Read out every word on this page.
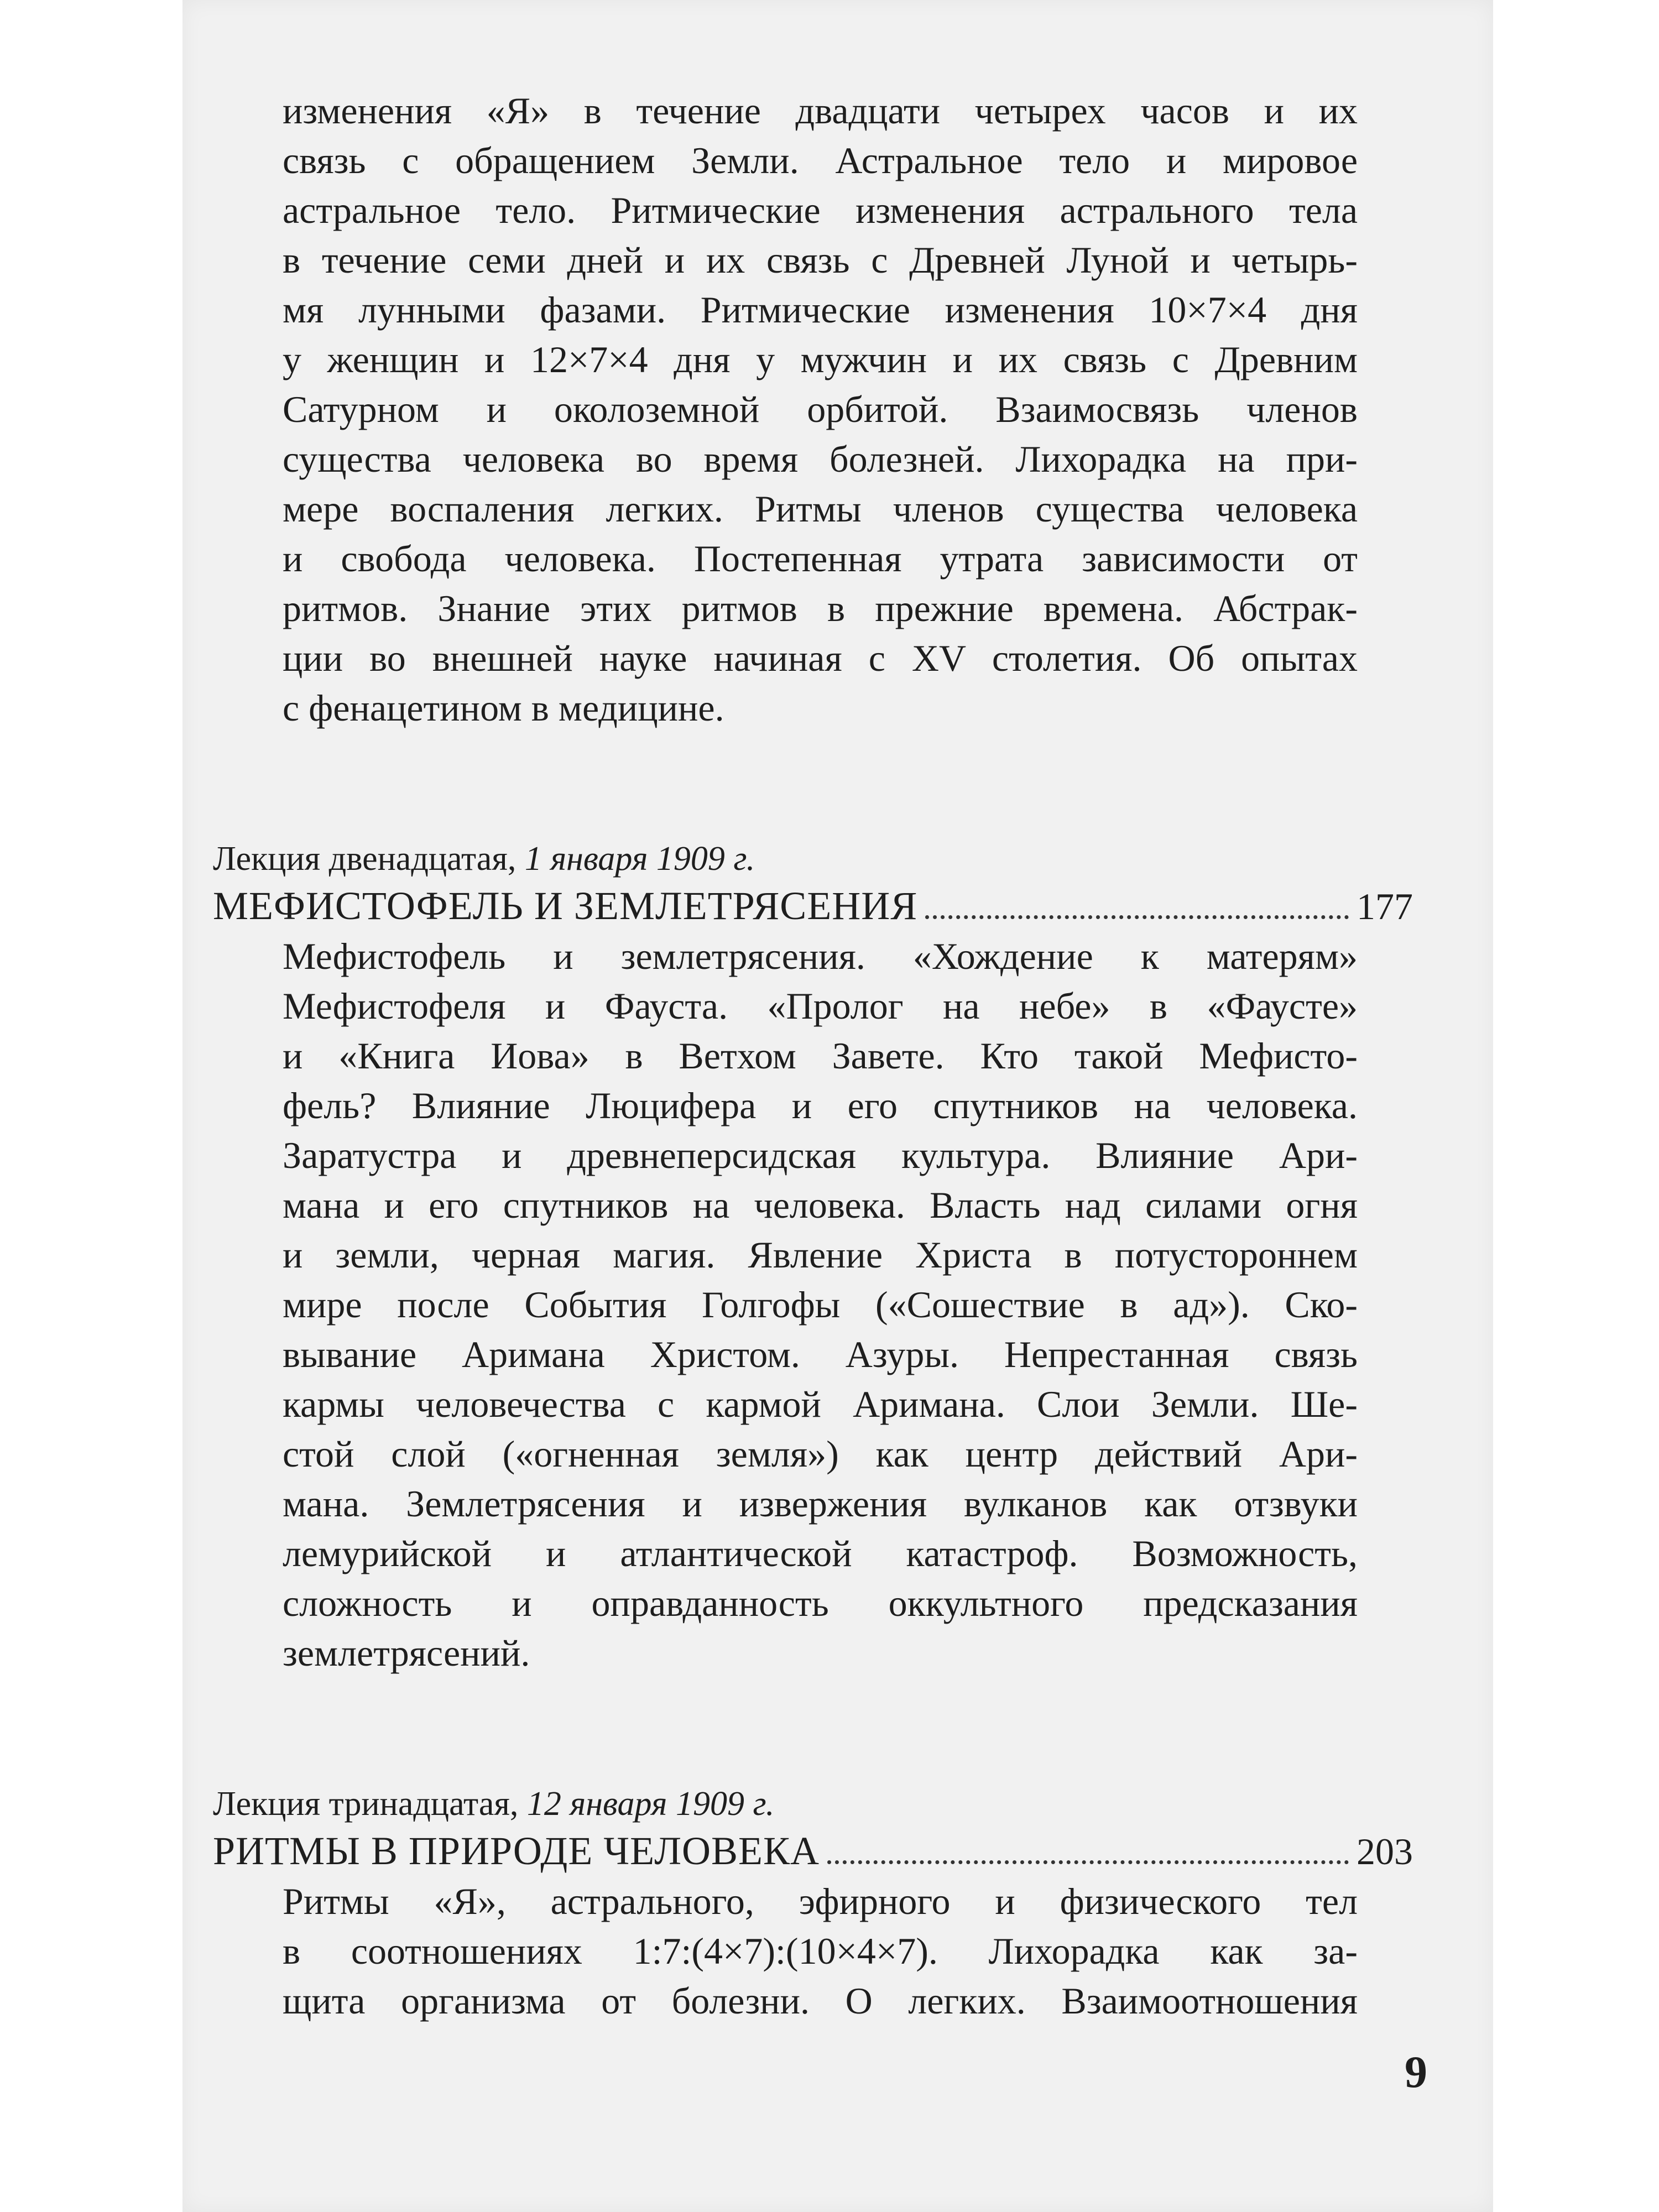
изменения «Я» в течение двадцати четырех часов и их

связь с обращением Земли. Астральное тело и мировое

астральное тело. Ритмические изменения астрального тела

в течение семи дней и их связь с Древней Луной и четырь-

мя лунными фазами. Ритмические изменения 10×7×4 дня

у женщин и 12×7×4 дня у мужчин и их связь с Древним

Сатурном и околоземной орбитой. Взаимосвязь членов

существа человека во время болезней. Лихорадка на при-

мере воспаления легких. Ритмы членов существа человека

и свобода человека. Постепенная утрата зависимости от

ритмов. Знание этих ритмов в прежние времена. Абстрак-

ции во внешней науке начиная с XV столетия. Об опытах

с фенацетином в медицине.

Лекция двенадцатая, 1 января 1909 г.
МЕФИСТОФЕЛЬ И ЗЕМЛЕТРЯСЕНИЯ	177

Мефистофель и землетрясения. «Хождение к матерям»

Мефистофеля и Фауста. «Пролог на небе» в «Фаусте»

и «Книга Иова» в Ветхом Завете. Кто такой Мефисто-

фель? Влияние Люцифера и его спутников на человека.

Заратустра и древнеперсидская культура. Влияние Ари-

мана и его спутников на человека. Власть над силами огня

и земли, черная магия. Явление Христа в потустороннем

мире после События Голгофы («Сошествие в ад»). Ско-

вывание Аримана Христом. Азуры. Непрестанная связь

кармы человечества с кармой Аримана. Слои Земли. Ше-

стой слой («огненная земля») как центр действий Ари-

мана. Землетрясения и извержения вулканов как отзвуки

лемурийской и атлантической катастроф. Возможность,

сложность и оправданность оккультного предсказания

землетрясений.

Лекция тринадцатая, 12 января 1909 г.
РИТМЫ В ПРИРОДЕ ЧЕЛОВЕКА	203

Ритмы «Я», астрального, эфирного и физического тел

в соотношениях 1:7:(4×7):(10×4×7). Лихорадка как за-

щита организма от болезни. О легких. Взаимоотношения

9
